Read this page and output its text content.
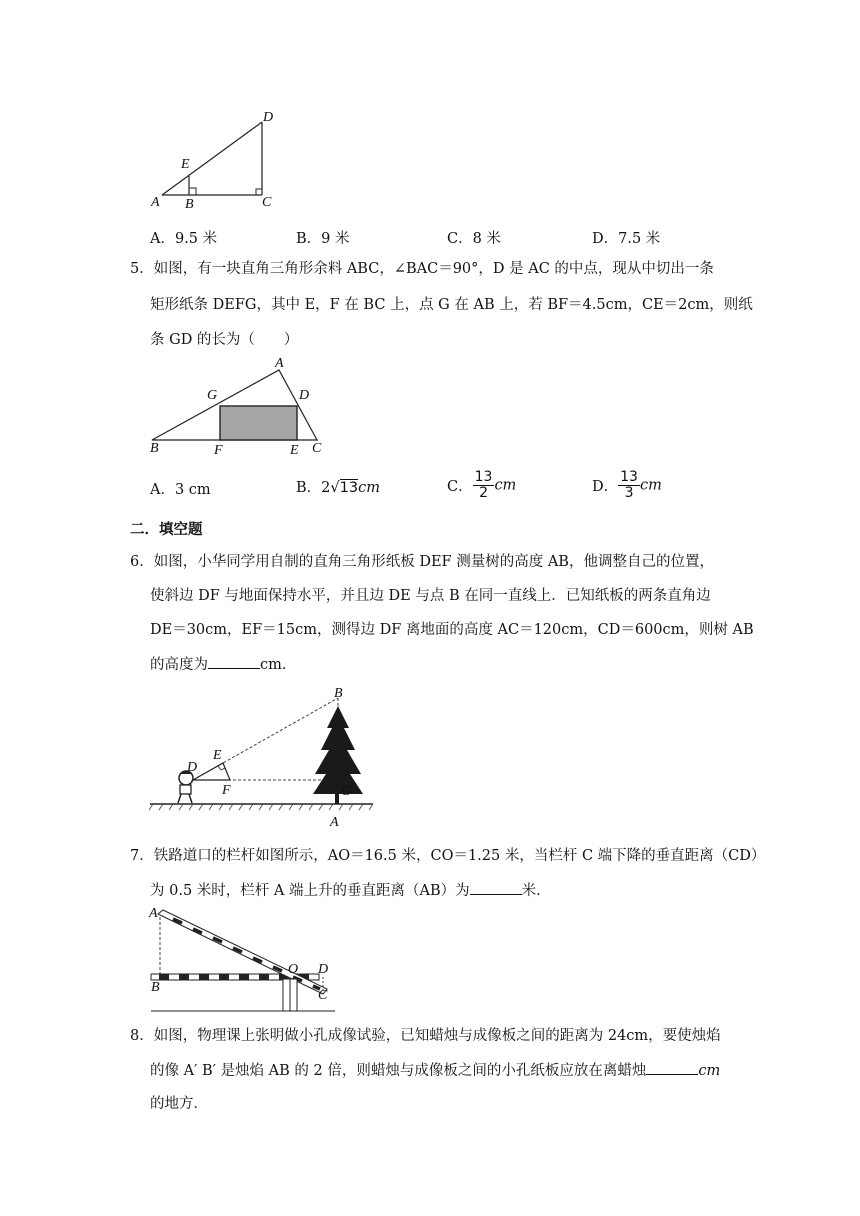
D
E
A B	C
A．9.5 米	B．9 米	C．8 米	D．7.5 米
5．如图，有一块直角三角形余料 ABC，∠BAC＝90°，D 是 AC 的中点，现从中切出一条
矩形纸条 DEFG，其中 E，F 在 BC 上，点 G 在 AB 上，若 BF＝4.5cm，CE＝2cm，则纸
条 GD 的长为（　　）
A
G	D
B	F	E C
A．3 cm	B．2√13cm	C． $\frac{13}{2}$ cm	D． $\frac{13}{3}$ cm
二．填空题
6．如图，小华同学用自制的直角三角形纸板 DEF 测量树的高度 AB，他调整自己的位置，
使斜边 DF 与地面保持水平，并且边 DE 与点 B 在同一直线上．已知纸板的两条直角边
DE＝30cm，EF＝15cm，测得边 DF 离地面的高度 AC＝120cm，CD＝600cm，则树 AB
的高度为	cm．
B
E
D
F	C
A
7．铁路道口的栏杆如图所示，AO＝16.5 米，CO＝1.25 米，当栏杆 C 端下降的垂直距离（CD）
为 0.5 米时，栏杆 A 端上升的垂直距离（AB）为	米．
A
O D
B
C
8．如图，物理课上张明做小孔成像试验，已知蜡烛与成像板之间的距离为 24cm，要使烛焰
的像 A′ B′ 是烛焰 AB 的 2 倍，则蜡烛与成像板之间的小孔纸板应放在离蜡烛	cm
的地方．
